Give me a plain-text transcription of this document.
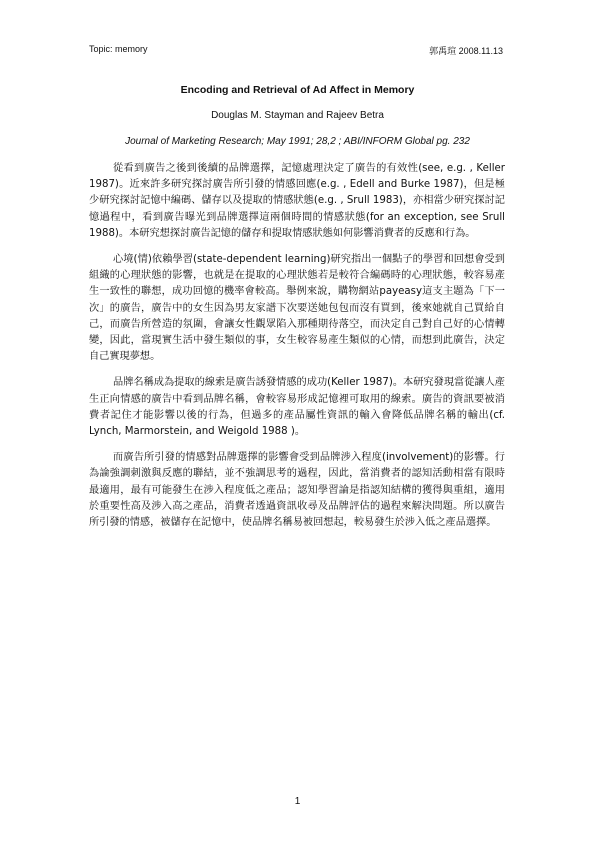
Topic: memory	郭禹瑄 2008.11.13
Encoding and Retrieval of Ad Affect in Memory
Douglas M. Stayman and Rajeev Betra
Journal of Marketing Research; May 1991; 28,2 ; ABI/INFORM Global pg. 232

從看到廣告之後到後續的品牌選擇，記憶處理決定了廣告的有效性(see, e.g. , Keller 1987)。近來許多研究探討廣告所引發的情感回應(e.g. , Edell and Burke 1987)，但是極少研究探討記憶中編碼、儲存以及提取的情感狀態(e.g. , Srull 1983)，亦相當少研究探討記憶過程中，看到廣告曝光到品牌選擇這兩個時間的情感狀態(for an exception, see Srull 1988)。本研究想探討廣告記憶的儲存和提取情感狀態如何影響消費者的反應和行為。

心境(情)依賴學習(state-dependent learning)研究指出一個點子的學習和回想會受到組織的心理狀態的影響，也就是在提取的心理狀態若是較符合編碼時的心理狀態，較容易產生一致性的聯想，成功回憶的機率會較高。舉例來說，購物網站payeasy這支主題為「下一次」的廣告，廣告中的女生因為男友家譜下次要送她包包而沒有買到，後來她就自己買給自己，而廣告所營造的氛圍，會讓女性觀眾陷入那種期待落空，而決定自己對自己好的心情轉變，因此，當現實生活中發生類似的事，女生較容易產生類似的心情，而想到此廣告，決定自己實現夢想。

品牌名稱成為提取的線索是廣告誘發情感的成功(Keller 1987)。本研究發現當從讓人產生正向情感的廣告中看到品牌名稱，會較容易形成記憶裡可取用的線索。廣告的資訊要被消費者記住才能影響以後的行為，但過多的產品屬性資訊的輸入會降低品牌名稱的輸出(cf. Lynch, Marmorstein, and Weigold 1988 )。

而廣告所引發的情感對品牌選擇的影響會受到品牌涉入程度(involvement)的影響。行為論強調刺激與反應的聯結，並不強調思考的過程，因此，當消費者的認知活動相當有限時最適用，最有可能發生在涉入程度低之產品；認知學習論是指認知結構的獲得與重組，適用於重要性高及涉入高之產品，消費者透過資訊收尋及品牌評估的過程來解決問題。所以廣告所引發的情感，被儲存在記憶中，使品牌名稱易被回想起，較易發生於涉入低之產品選擇。

1
